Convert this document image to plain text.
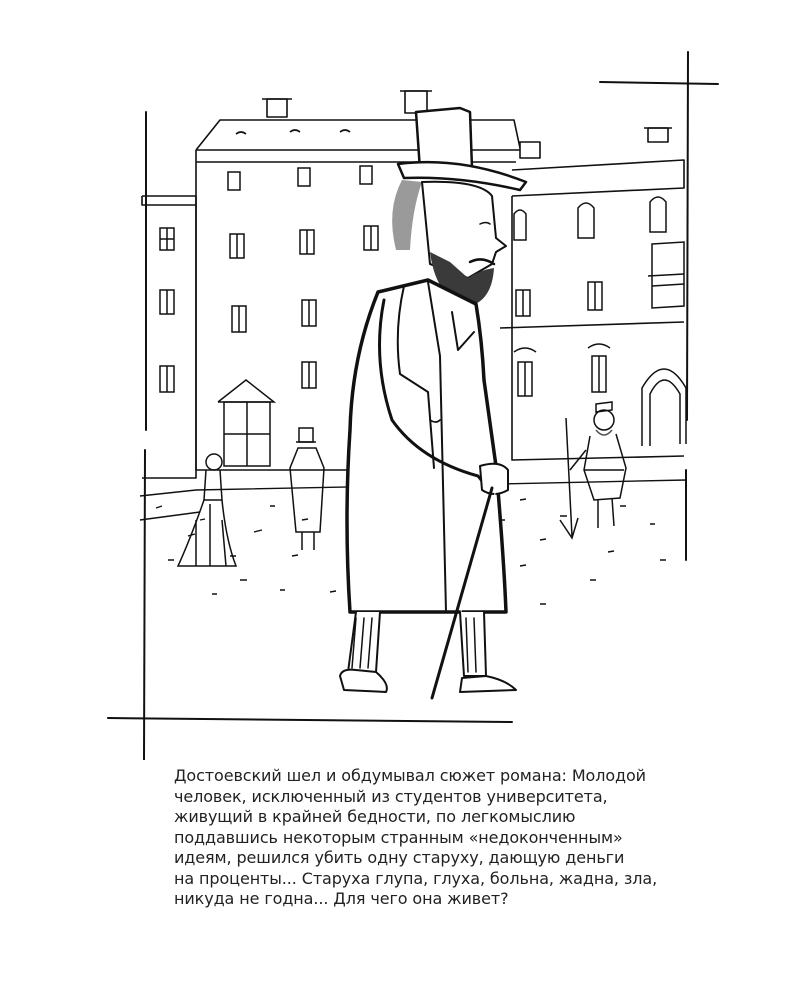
Достоевский шел и обдумывал сюжет романа: Молодой
человек, исключенный из студентов университета,
живущий в крайней бедности, по легкомыслию
поддавшись некоторым странным «недоконченным»
идеям, решился убить одну старуху, дающую деньги
на проценты... Старуха глупа, глуха, больна, жадна, зла,
никуда не годна... Для чего она живет?
